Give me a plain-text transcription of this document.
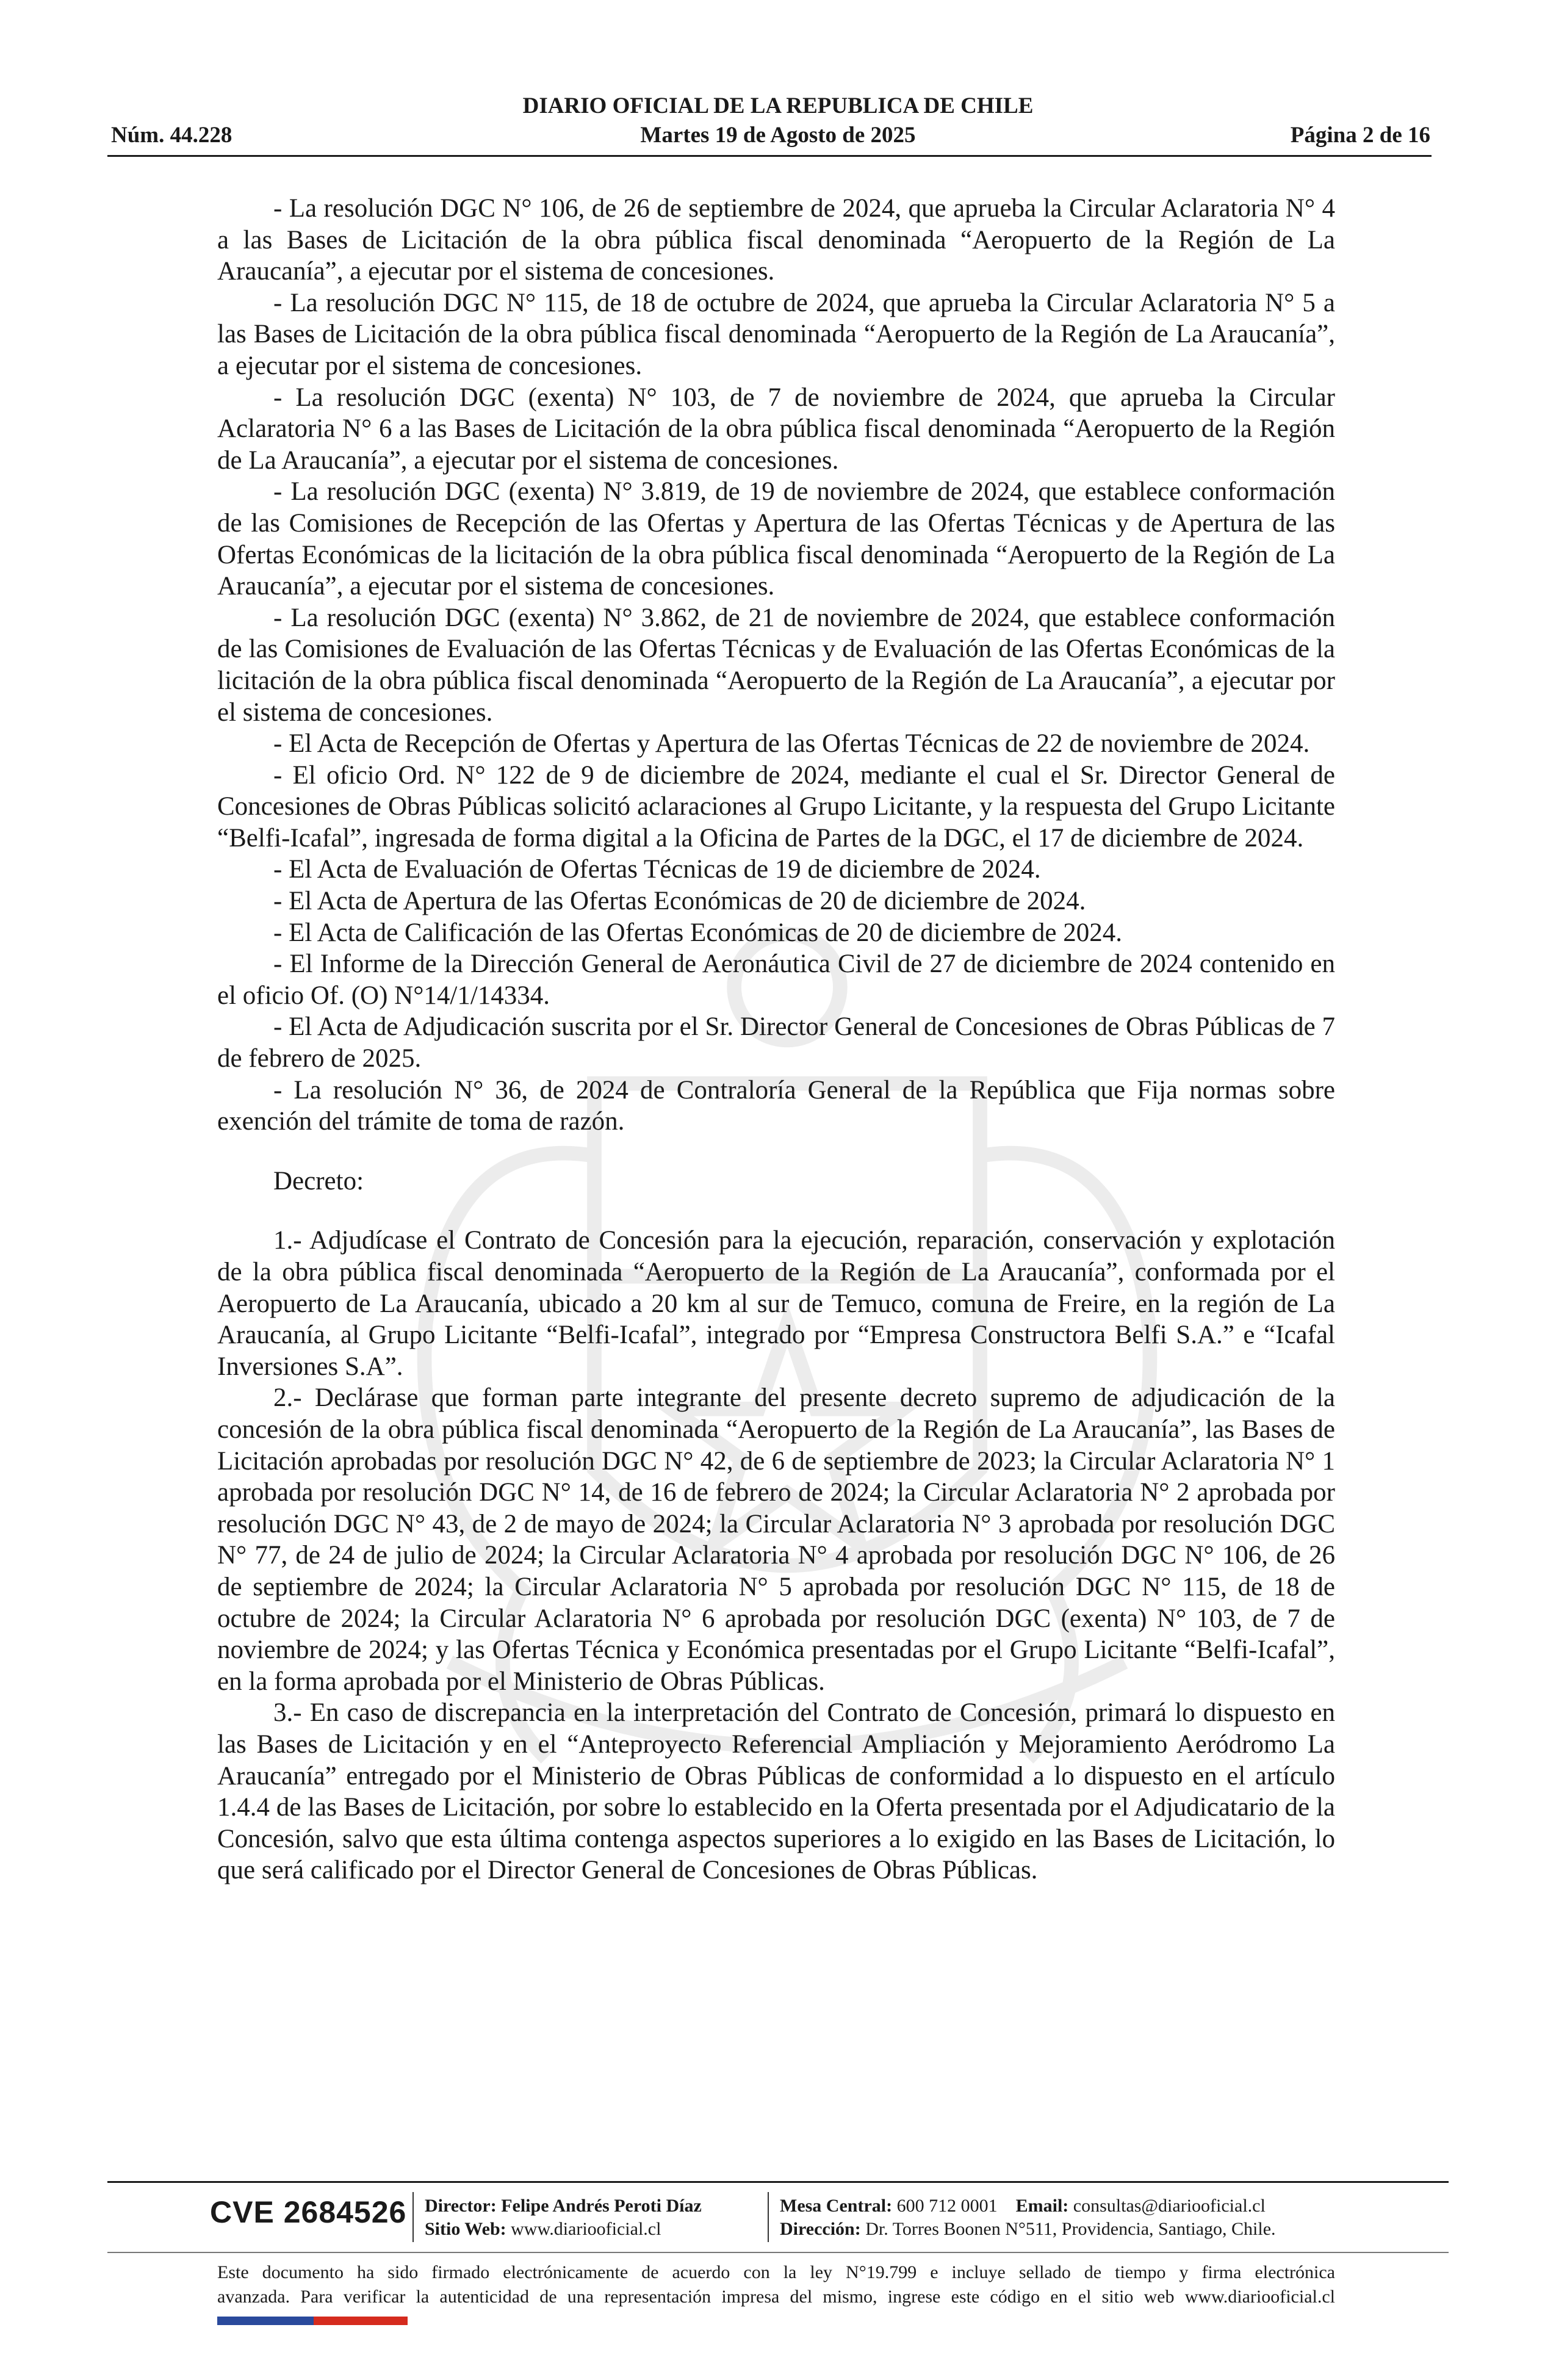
DIARIO OFICIAL DE LA REPUBLICA DE CHILE
Núm. 44.228	Martes 19 de Agosto de 2025	Página 2 de 16

- La resolución DGC N° 106, de 26 de septiembre de 2024, que aprueba la Circular Aclaratoria N° 4 a las Bases de Licitación de la obra pública fiscal denominada “Aeropuerto de la Región de La Araucanía”, a ejecutar por el sistema de concesiones.

- La resolución DGC N° 115, de 18 de octubre de 2024, que aprueba la Circular Aclaratoria N° 5 a las Bases de Licitación de la obra pública fiscal denominada “Aeropuerto de la Región de La Araucanía”, a ejecutar por el sistema de concesiones.

- La resolución DGC (exenta) N° 103, de 7 de noviembre de 2024, que aprueba la Circular Aclaratoria N° 6 a las Bases de Licitación de la obra pública fiscal denominada “Aeropuerto de la Región de La Araucanía”, a ejecutar por el sistema de concesiones.

- La resolución DGC (exenta) N° 3.819, de 19 de noviembre de 2024, que establece conformación de las Comisiones de Recepción de las Ofertas y Apertura de las Ofertas Técnicas y de Apertura de las Ofertas Económicas de la licitación de la obra pública fiscal denominada “Aeropuerto de la Región de La Araucanía”, a ejecutar por el sistema de concesiones.

- La resolución DGC (exenta) N° 3.862, de 21 de noviembre de 2024, que establece conformación de las Comisiones de Evaluación de las Ofertas Técnicas y de Evaluación de las Ofertas Económicas de la licitación de la obra pública fiscal denominada “Aeropuerto de la Región de La Araucanía”, a ejecutar por el sistema de concesiones.

- El Acta de Recepción de Ofertas y Apertura de las Ofertas Técnicas de 22 de noviembre de 2024.

- El oficio Ord. N° 122 de 9 de diciembre de 2024, mediante el cual el Sr. Director General de Concesiones de Obras Públicas solicitó aclaraciones al Grupo Licitante, y la respuesta del Grupo Licitante “Belfi-Icafal”, ingresada de forma digital a la Oficina de Partes de la DGC, el 17 de diciembre de 2024.

- El Acta de Evaluación de Ofertas Técnicas de 19 de diciembre de 2024.

- El Acta de Apertura de las Ofertas Económicas de 20 de diciembre de 2024.

- El Acta de Calificación de las Ofertas Económicas de 20 de diciembre de 2024.

- El Informe de la Dirección General de Aeronáutica Civil de 27 de diciembre de 2024 contenido en el oficio Of. (O) N°14/1/14334.

- El Acta de Adjudicación suscrita por el Sr. Director General de Concesiones de Obras Públicas de 7 de febrero de 2025.

- La resolución N° 36, de 2024 de Contraloría General de la República que Fija normas sobre exención del trámite de toma de razón.

Decreto:

1.- Adjudícase el Contrato de Concesión para la ejecución, reparación, conservación y explotación de la obra pública fiscal denominada “Aeropuerto de la Región de La Araucanía”, conformada por el Aeropuerto de La Araucanía, ubicado a 20 km al sur de Temuco, comuna de Freire, en la región de La Araucanía, al Grupo Licitante “Belfi-Icafal”, integrado por “Empresa Constructora Belfi S.A.” e “Icafal Inversiones S.A”.

2.- Declárase que forman parte integrante del presente decreto supremo de adjudicación de la concesión de la obra pública fiscal denominada “Aeropuerto de la Región de La Araucanía”, las Bases de Licitación aprobadas por resolución DGC N° 42, de 6 de septiembre de 2023; la Circular Aclaratoria N° 1 aprobada por resolución DGC N° 14, de 16 de febrero de 2024; la Circular Aclaratoria N° 2 aprobada por resolución DGC N° 43, de 2 de mayo de 2024; la Circular Aclaratoria N° 3 aprobada por resolución DGC N° 77, de 24 de julio de 2024; la Circular Aclaratoria N° 4 aprobada por resolución DGC N° 106, de 26 de septiembre de 2024; la Circular Aclaratoria N° 5 aprobada por resolución DGC N° 115, de 18 de octubre de 2024; la Circular Aclaratoria N° 6 aprobada por resolución DGC (exenta) N° 103, de 7 de noviembre de 2024; y las Ofertas Técnica y Económica presentadas por el Grupo Licitante “Belfi-Icafal”, en la forma aprobada por el Ministerio de Obras Públicas.

3.- En caso de discrepancia en la interpretación del Contrato de Concesión, primará lo dispuesto en las Bases de Licitación y en el “Anteproyecto Referencial Ampliación y Mejoramiento Aeródromo La Araucanía” entregado por el Ministerio de Obras Públicas de conformidad a lo dispuesto en el artículo 1.4.4 de las Bases de Licitación, por sobre lo establecido en la Oferta presentada por el Adjudicatario de la Concesión, salvo que esta última contenga aspectos superiores a lo exigido en las Bases de Licitación, lo que será calificado por el Director General de Concesiones de Obras Públicas.

CVE 2684526 Director: Felipe Andrés Peroti Díaz
Sitio Web: www.diariooficial.cl
Mesa Central: 600 712 0001 Email: consultas@diariooficial.cl
Dirección: Dr. Torres Boonen N°511, Providencia, Santiago, Chile.
Este documento ha sido firmado electrónicamente de acuerdo con la ley N°19.799 e incluye sellado de tiempo y firma electrónica
avanzada. Para verificar la autenticidad de una representación impresa del mismo, ingrese este código en el sitio web www.diariooficial.cl
